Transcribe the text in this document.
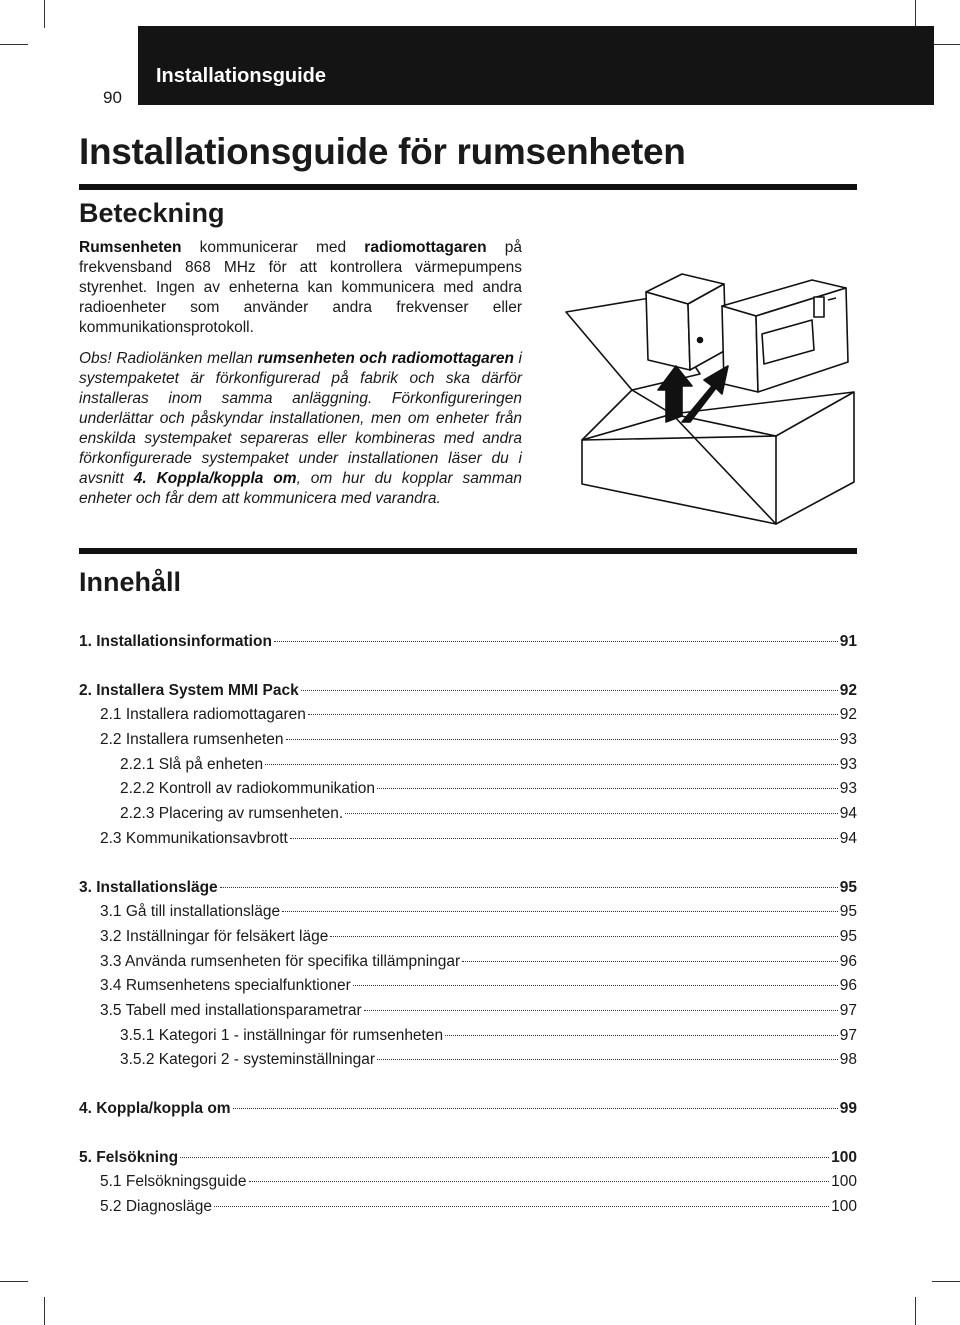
90
Installationsguide
Installationsguide för rumsenheten
Beteckning

Rumsenheten kommunicerar med radiomottagaren på frekvensband 868 MHz för att kontrollera värmepumpens styrenhet. Ingen av enheterna kan kommunicera med andra radioenheter som använder andra frekvenser eller kommunikationsprotokoll.

Obs! Radiolänken mellan rumsenheten och radiomottagaren i systempaketet är förkonfigurerad på fabrik och ska därför installeras inom samma anläggning. Förkonfigureringen underlättar och påskyndar installationen, men om enheter från enskilda systempaket separeras eller kombineras med andra förkonfigurerade systempaket under installationen läser du i avsnitt 4. Koppla/koppla om, om hur du kopplar samman enheter och får dem att kommunicera med varandra.

Innehåll
1. Installationsinformation	91
2. Installera System MMI Pack	92
2.1 Installera radiomottagaren	92
2.2 Installera rumsenheten	93
2.2.1 Slå på enheten	93
2.2.2 Kontroll av radiokommunikation	93
2.2.3 Placering av rumsenheten.	94
2.3 Kommunikationsavbrott	94
3. Installationsläge	95
3.1 Gå till installationsläge	95
3.2 Inställningar för felsäkert läge	95
3.3 Använda rumsenheten för specifika tillämpningar	96
3.4 Rumsenhetens specialfunktioner	96
3.5 Tabell med installationsparametrar	97
3.5.1 Kategori 1 - inställningar för rumsenheten	97
3.5.2 Kategori 2 - systeminställningar	98
4. Koppla/koppla om	99
5. Felsökning	100
5.1 Felsökningsguide	100
5.2 Diagnosläge	100
